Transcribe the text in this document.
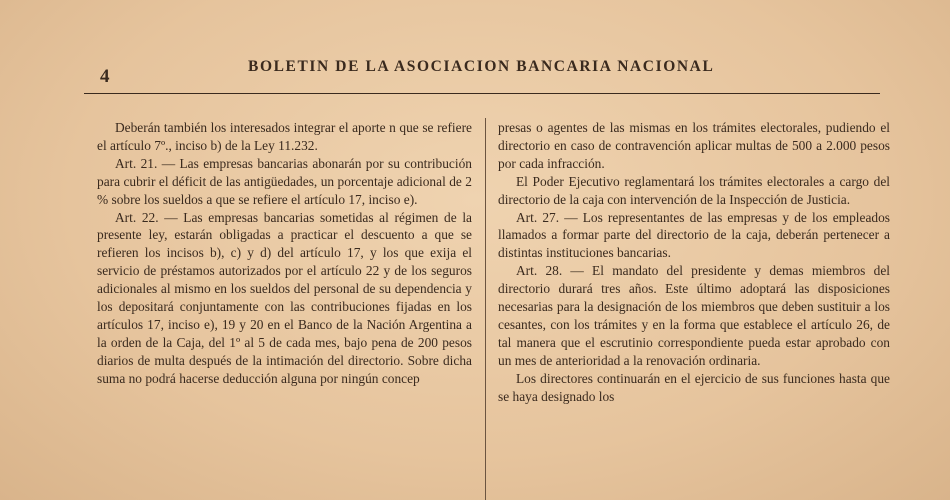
4	BOLETIN DE LA ASOCIACION BANCARIA NACIONAL

Deberán también los interesados integrar el aporte n que se refiere el artículo 7º., inciso b) de la Ley 11.232.

Art. 21. — Las empresas bancarias abonarán por su contribución para cubrir el déficit de las antigüedades, un porcentaje adicional de 2 % sobre los sueldos a que se refiere el artículo 17, inciso e).

Art. 22. — Las empresas bancarias sometidas al régimen de la presente ley, estarán obligadas a practicar el descuento a que se refieren los incisos b), c) y d) del artículo 17, y los que exija el servicio de préstamos autorizados por el artículo 22 y de los seguros adicionales al mismo en los sueldos del personal de su dependencia y los depositará conjuntamente con las contribuciones fijadas en los artículos 17, inciso e), 19 y 20 en el Banco de la Nación Argentina a la orden de la Caja, del 1º al 5 de cada mes, bajo pena de 200 pesos diarios de multa después de la intimación del directorio. Sobre dicha suma no podrá hacerse deducción alguna por ningún concep

presas o agentes de las mismas en los trámites electorales, pudiendo el directorio en caso de contravención aplicar multas de 500 a 2.000 pesos por cada infracción.

El Poder Ejecutivo reglamentará los trámites electorales a cargo del directorio de la caja con intervención de la Inspección de Justicia.

Art. 27. — Los representantes de las empresas y de los empleados llamados a formar parte del directorio de la caja, deberán pertenecer a distintas instituciones bancarias.

Art. 28. — El mandato del presidente y demas miembros del directorio durará tres años. Este último adoptará las disposiciones necesarias para la designación de los miembros que deben sustituir a los cesantes, con los trámites y en la forma que establece el artículo 26, de tal manera que el escrutinio correspondiente pueda estar aprobado con un mes de anterioridad a la renovación ordinaria.

Los directores continuarán en el ejercicio de sus funciones hasta que se haya designado los
